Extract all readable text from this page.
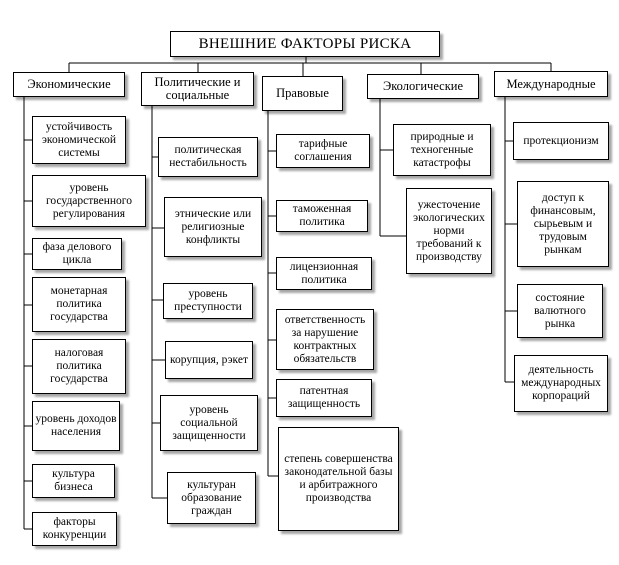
ВНЕШНИЕ ФАКТОРЫ РИСКА
Экономические	Политические и социальные	Правовые	Экологические	Международные
устойчивость экономической системы
уровень государственного регулирования
фаза делового цикла
монетарная политика государства
налоговая политика государства
уровень доходов населения
культура бизнеса
факторы конкуренции
политическая нестабильность
этнические или религиозные конфликты
уровень преступности
корупция, рэкет
уровень социальной защищенности
культуран образование граждан
тарифные соглашения
таможенная политика
лицензионная политика
ответственность за нарушение контрактных обязательств
патентная защищенность
степень совершенства законодательной базы и арбитражного производства
природные и техногенные катастрофы
ужесточение экологических норми требований к производству
протекционизм
доступ к финансовым, сырьевым и трудовым рынкам
состояние валютного рынка
деятельность международных корпораций
